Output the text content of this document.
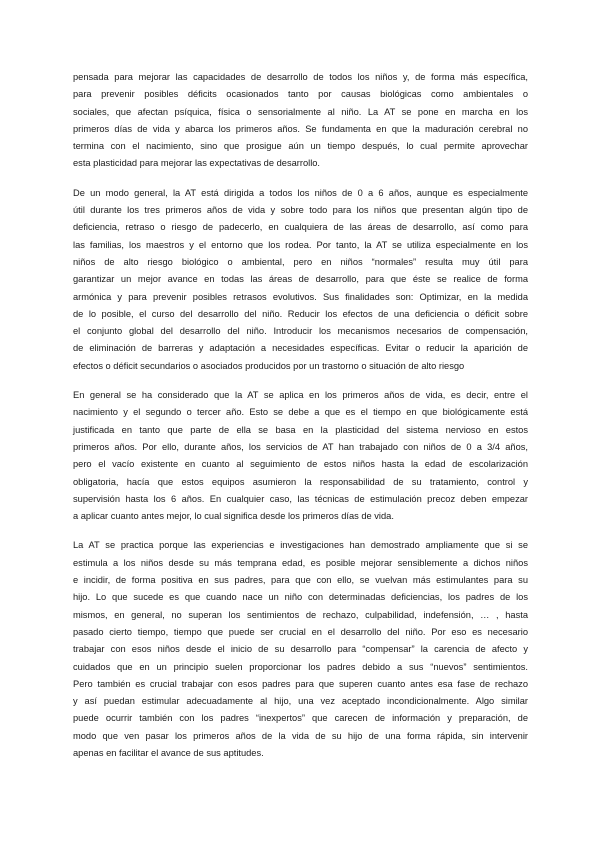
pensada para mejorar las capacidades de desarrollo de todos los niños y, de forma más específica,
para prevenir posibles déficits ocasionados tanto por causas biológicas como ambientales o
sociales, que afectan psíquica, física o sensorialmente al niño. La AT se pone en marcha en los
primeros días de vida y abarca los primeros años. Se fundamenta en que la maduración cerebral no
termina con el nacimiento, sino que prosigue aún un tiempo después, lo cual permite aprovechar
esta plasticidad para mejorar las expectativas de desarrollo.
De un modo general, la AT está dirigida a todos los niños de 0 a 6 años, aunque es especialmente
útil durante los tres primeros años de vida y sobre todo para los niños que presentan algún tipo de
deficiencia, retraso o riesgo de padecerlo, en cualquiera de las áreas de desarrollo, así como para
las familias, los maestros y el entorno que los rodea. Por tanto, la AT se utiliza especialmente en los
niños de alto riesgo biológico o ambiental, pero en niños “normales” resulta muy útil para
garantizar un mejor avance en todas las áreas de desarrollo, para que éste se realice de forma
armónica y para prevenir posibles retrasos evolutivos. Sus finalidades son: Optimizar, en la medida
de lo posible, el curso del desarrollo del niño. Reducir los efectos de una deficiencia o déficit sobre
el conjunto global del desarrollo del niño. Introducir los mecanismos necesarios de compensación,
de eliminación de barreras y adaptación a necesidades específicas. Evitar o reducir la aparición de
efectos o déficit secundarios o asociados producidos por un trastorno o situación de alto riesgo
En general se ha considerado que la AT se aplica en los primeros años de vida, es decir, entre el
nacimiento y el segundo o tercer año. Esto se debe a que es el tiempo en que biológicamente está
justificada en tanto que parte de ella se basa en la plasticidad del sistema nervioso en estos
primeros años. Por ello, durante años, los servicios de AT han trabajado con niños de 0 a 3/4 años,
pero el vacío existente en cuanto al seguimiento de estos niños hasta la edad de escolarización
obligatoria, hacía que estos equipos asumieron la responsabilidad de su tratamiento, control y
supervisión hasta los 6 años. En cualquier caso, las técnicas de estimulación precoz deben empezar
a aplicar cuanto antes mejor, lo cual significa desde los primeros días de vida.
La AT se practica porque las experiencias e investigaciones han demostrado ampliamente que si se
estimula a los niños desde su más temprana edad, es posible mejorar sensiblemente a dichos niños
e incidir, de forma positiva en sus padres, para que con ello, se vuelvan más estimulantes para su
hijo. Lo que sucede es que cuando nace un niño con determinadas deficiencias, los padres de los
mismos, en general, no superan los sentimientos de rechazo, culpabilidad, indefensión, … , hasta
pasado cierto tiempo, tiempo que puede ser crucial en el desarrollo del niño. Por eso es necesario
trabajar con esos niños desde el inicio de su desarrollo para “compensar” la carencia de afecto y
cuidados que en un principio suelen proporcionar los padres debido a sus “nuevos” sentimientos.
Pero también es crucial trabajar con esos padres para que superen cuanto antes esa fase de rechazo
y así puedan estimular adecuadamente al hijo, una vez aceptado incondicionalmente. Algo similar
puede ocurrir también con los padres “inexpertos” que carecen de información y preparación, de
modo que ven pasar los primeros años de la vida de su hijo de una forma rápida, sin intervenir
apenas en facilitar el avance de sus aptitudes.
